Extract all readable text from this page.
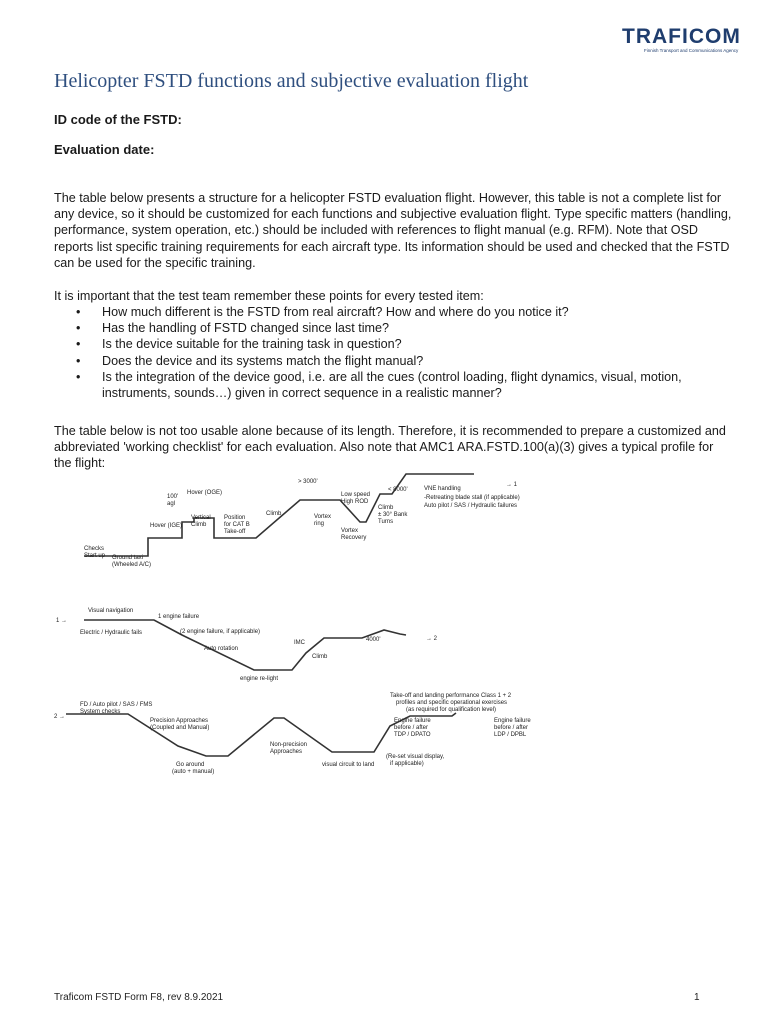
TRAFICOM
Finnish Transport and Communications Agency
Helicopter FSTD functions and subjective evaluation flight

ID code of the FSTD:

Evaluation date:

The table below presents a structure for a helicopter FSTD evaluation flight. However, this table is not a complete list for any device, so it should be customized for each functions and subjective evaluation flight. Type specific matters (handling, performance, system operation, etc.) should be included with references to flight manual (e.g. RFM). Note that OSD reports list specific training requirements for each aircraft type. Its information should be used and checked that the FSTD can be used for the specific training.

It is important that the test team remember these points for every tested item:

• How much different is the FSTD from real aircraft? How and where do you notice it?
• Has the handling of FSTD changed since last time?
• Is the device suitable for the training task in question?
• Does the device and its systems match the flight manual?
• Is the integration of the device good, i.e. are all the cues (control loading, flight dynamics, visual, motion, instruments, sounds…) given in correct sequence in a realistic manner?

The table below is not too usable alone because of its length. Therefore, it is recommended to prepare a customized and abbreviated 'working checklist' for each evaluation. Also note that AMC1 ARA.FSTD.100(a)(3) gives a typical profile for the flight:

Checks
Start up Ground taxi
(Wheeled A/C)
Hover (IGE)
100'
agl
Hover (OGE)
Vertical
Climb
Position
for CAT B
Take-off
Climb
> 3000'
Vortex
ring
Low speed
High ROD
Vortex
Recovery
< 8000'
Climb
± 30° Bank
Turns
VNE handling
-Retreating blade stall (if applicable)
Auto pilot / SAS / Hydraulic failures
→ 1
1 →
Visual navigation
1 engine failure
Electric / Hydraulic fails	(2 engine failure, if applicable)
Auto rotation
engine re-light
IMC
Climb
4000'	→ 2
2 →
FD / Auto pilot / SAS / FMS
System checks
Precision Approaches
(Coupled and Manual)
Go around
(auto + manual)
Non-precision
Approaches
visual circuit to land
(Re-set visual display,
if applicable)
Take-off and landing performance Class 1 + 2
profiles and specific operational exercises
(as required for qualification level)
Engine failure
before / after
TDP / DPATO
Engine failure
before / after
LDP / DPBL

Traficom FSTD Form F8, rev 8.9.2021	1
